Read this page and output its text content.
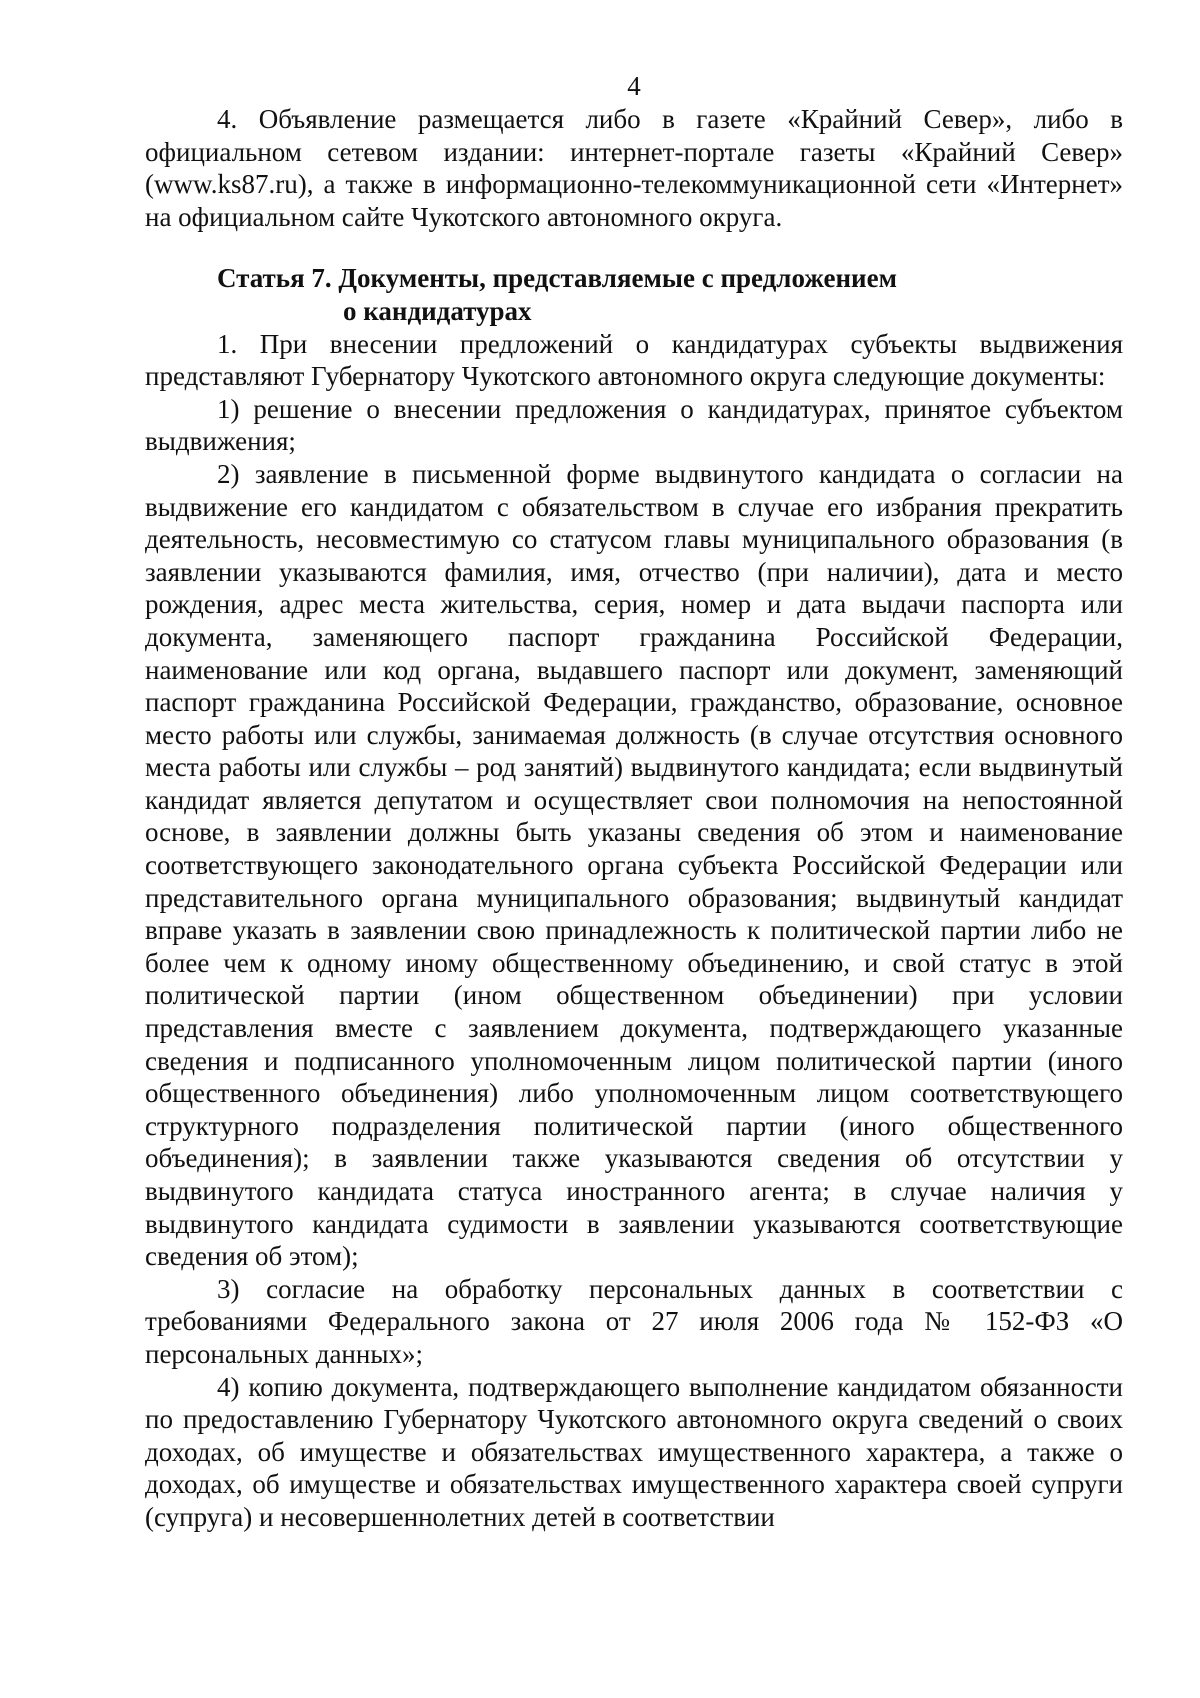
4

4. Объявление размещается либо в газете «Крайний Север», либо в официальном сетевом издании: интернет-портале газеты «Крайний Север» (www.ks87.ru), а также в информационно-телекоммуникационной сети «Интернет» на официальном сайте Чукотского автономного округа.

Статья 7. Документы, представляемые с предложением
о кандидатурах

1. При внесении предложений о кандидатурах субъекты выдвижения представляют Губернатору Чукотского автономного округа следующие документы:

1) решение о внесении предложения о кандидатурах, принятое субъектом выдвижения;

2) заявление в письменной форме выдвинутого кандидата о согласии на выдвижение его кандидатом с обязательством в случае его избрания прекратить деятельность, несовместимую со статусом главы муниципального образования (в заявлении указываются фамилия, имя, отчество (при наличии), дата и место рождения, адрес места жительства, серия, номер и дата выдачи паспорта или документа, заменяющего паспорт гражданина Российской Федерации, наименование или код органа, выдавшего паспорт или документ, заменяющий паспорт гражданина Российской Федерации, гражданство, образование, основное место работы или службы, занимаемая должность (в случае отсутствия основного места работы или службы – род занятий) выдвинутого кандидата; если выдвинутый кандидат является депутатом и осуществляет свои полномочия на непостоянной основе, в заявлении должны быть указаны сведения об этом и наименование соответствующего законодательного органа субъекта Российской Федерации или представительного органа муниципального образования; выдвинутый кандидат вправе указать в заявлении свою принадлежность к политической партии либо не более чем к одному иному общественному объединению, и свой статус в этой политической партии (ином общественном объединении) при условии представления вместе с заявлением документа, подтверждающего указанные сведения и подписанного уполномоченным лицом политической партии (иного общественного объединения) либо уполномоченным лицом соответствующего структурного подразделения политической партии (иного общественного объединения); в заявлении также указываются сведения об отсутствии у выдвинутого кандидата статуса иностранного агента; в случае наличия у выдвинутого кандидата судимости в заявлении указываются соответствующие сведения об этом);

3) согласие на обработку персональных данных в соответствии с требованиями Федерального закона от 27 июля 2006 года № 152-ФЗ «О персональных данных»;

4) копию документа, подтверждающего выполнение кандидатом обязанности по предоставлению Губернатору Чукотского автономного округа сведений о своих доходах, об имуществе и обязательствах имущественного характера, а также о доходах, об имуществе и обязательствах имущественного характера своей супруги (супруга) и несовершеннолетних детей в соответствии
